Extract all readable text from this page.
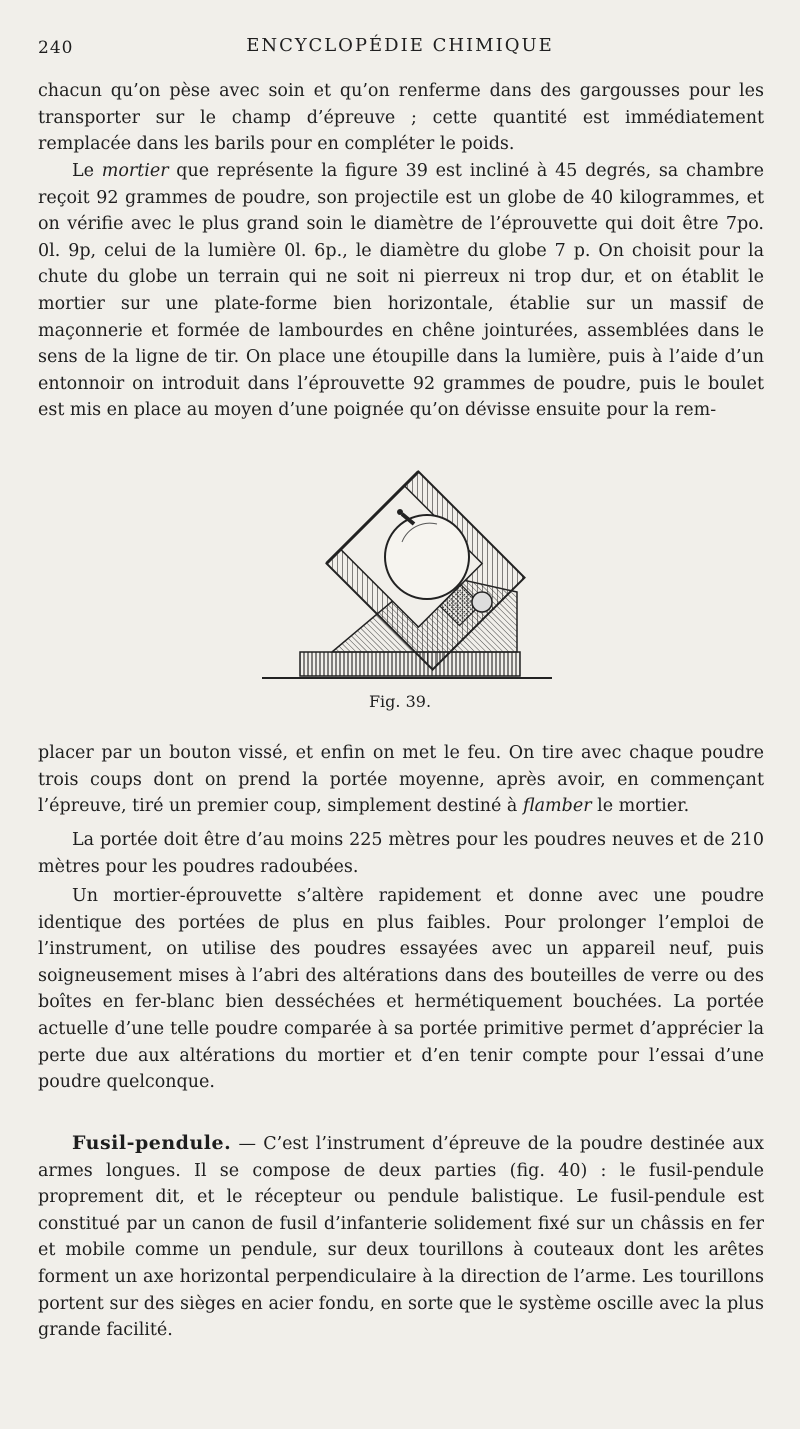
240	ENCYCLOPÉDIE CHIMIQUE

chacun qu’on pèse avec soin et qu’on renferme dans des gargousses pour les transporter sur le champ d’épreuve ; cette quantité est immédiatement remplacée dans les barils pour en compléter le poids.

Le mortier que représente la figure 39 est incliné à 45 degrés, sa chambre reçoit 92 grammes de poudre, son projectile est un globe de 40 kilogrammes, et on vérifie avec le plus grand soin le diamètre de l’éprouvette qui doit être 7po. 0l. 9p, celui de la lumière 0l. 6p., le diamètre du globe 7 p. On choisit pour la chute du globe un terrain qui ne soit ni pierreux ni trop dur, et on établit le mortier sur une plate-forme bien horizontale, établie sur un massif de maçonnerie et formée de lambourdes en chêne jointurées, assemblées dans le sens de la ligne de tir. On place une étoupille dans la lumière, puis à l’aide d’un entonnoir on introduit dans l’éprouvette 92 grammes de poudre, puis le boulet est mis en place au moyen d’une poignée qu’on dévisse ensuite pour la rem-

Fig. 39.

placer par un bouton vissé, et enfin on met le feu. On tire avec chaque poudre trois coups dont on prend la portée moyenne, après avoir, en commençant l’épreuve, tiré un premier coup, simplement destiné à flamber le mortier.

La portée doit être d’au moins 225 mètres pour les poudres neuves et de 210 mètres pour les poudres radoubées.

Un mortier-éprouvette s’altère rapidement et donne avec une poudre identique des portées de plus en plus faibles. Pour prolonger l’emploi de l’instrument, on utilise des poudres essayées avec un appareil neuf, puis soigneusement mises à l’abri des altérations dans des bouteilles de verre ou des boîtes en fer-blanc bien desséchées et hermétiquement bouchées. La portée actuelle d’une telle poudre comparée à sa portée primitive permet d’apprécier la perte due aux altérations du mortier et d’en tenir compte pour l’essai d’une poudre quelconque.

Fusil-pendule. — C’est l’instrument d’épreuve de la poudre destinée aux armes longues. Il se compose de deux parties (fig. 40) : le fusil-pendule proprement dit, et le récepteur ou pendule balistique. Le fusil-pendule est constitué par un canon de fusil d’infanterie solidement fixé sur un châssis en fer et mobile comme un pendule, sur deux tourillons à couteaux dont les arêtes forment un axe horizontal perpendiculaire à la direction de l’arme. Les tourillons portent sur des sièges en acier fondu, en sorte que le système oscille avec la plus grande facilité.
